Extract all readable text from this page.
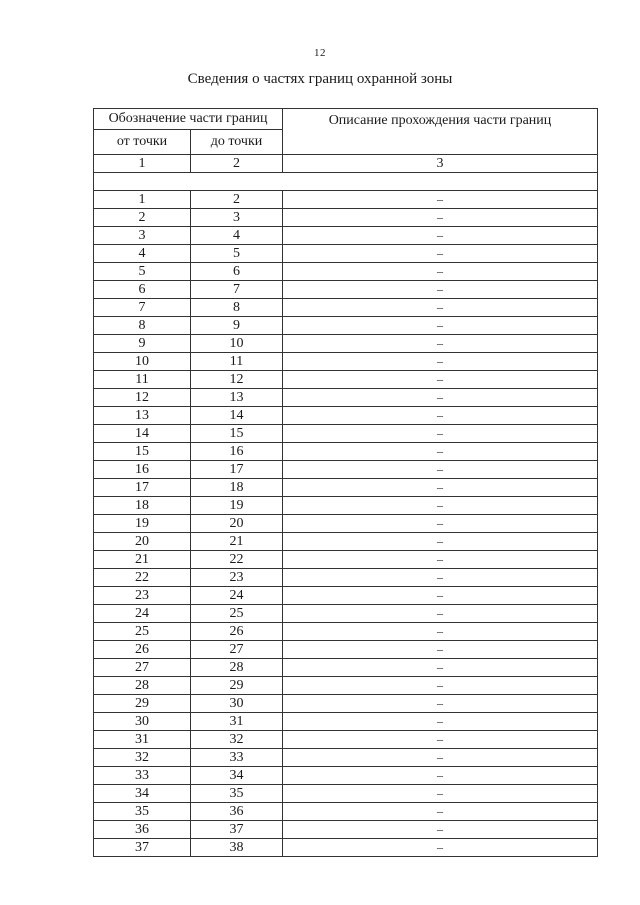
12
Сведения о частях границ охранной зоны
Обозначение части границ		Описание прохождения части границ
от точки	до точки	
1	2	3

1	2	–
2	3	–
3	4	–
4	5	–
5	6	–
6	7	–
7	8	–
8	9	–
9	10	–
10	11	–
11	12	–
12	13	–
13	14	–
14	15	–
15	16	–
16	17	–
17	18	–
18	19	–
19	20	–
20	21	–
21	22	–
22	23	–
23	24	–
24	25	–
25	26	–
26	27	–
27	28	–
28	29	–
29	30	–
30	31	–
31	32	–
32	33	–
33	34	–
34	35	–
35	36	–
36	37	–
37	38	–
